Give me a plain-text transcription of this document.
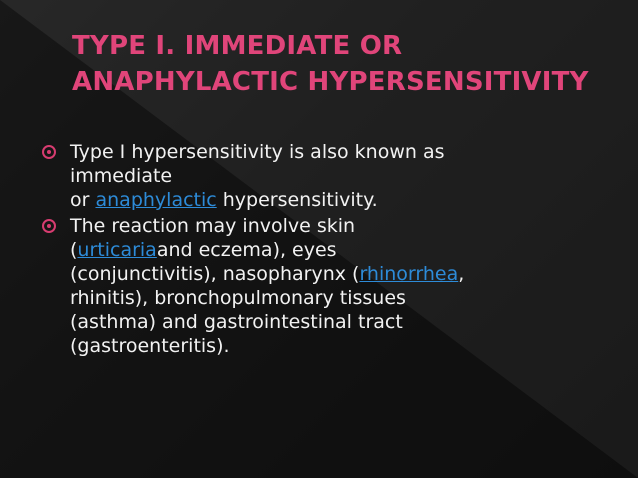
TYPE I. IMMEDIATE OR
ANAPHYLACTIC HYPERSENSITIVITY
Type I hypersensitivity is also known as
immediate
or anaphylactic hypersensitivity.
The reaction may involve skin
(urticariaand eczema), eyes
(conjunctivitis), nasopharynx (rhinorrhea,
rhinitis), bronchopulmonary tissues
(asthma) and gastrointestinal tract
(gastroenteritis).
